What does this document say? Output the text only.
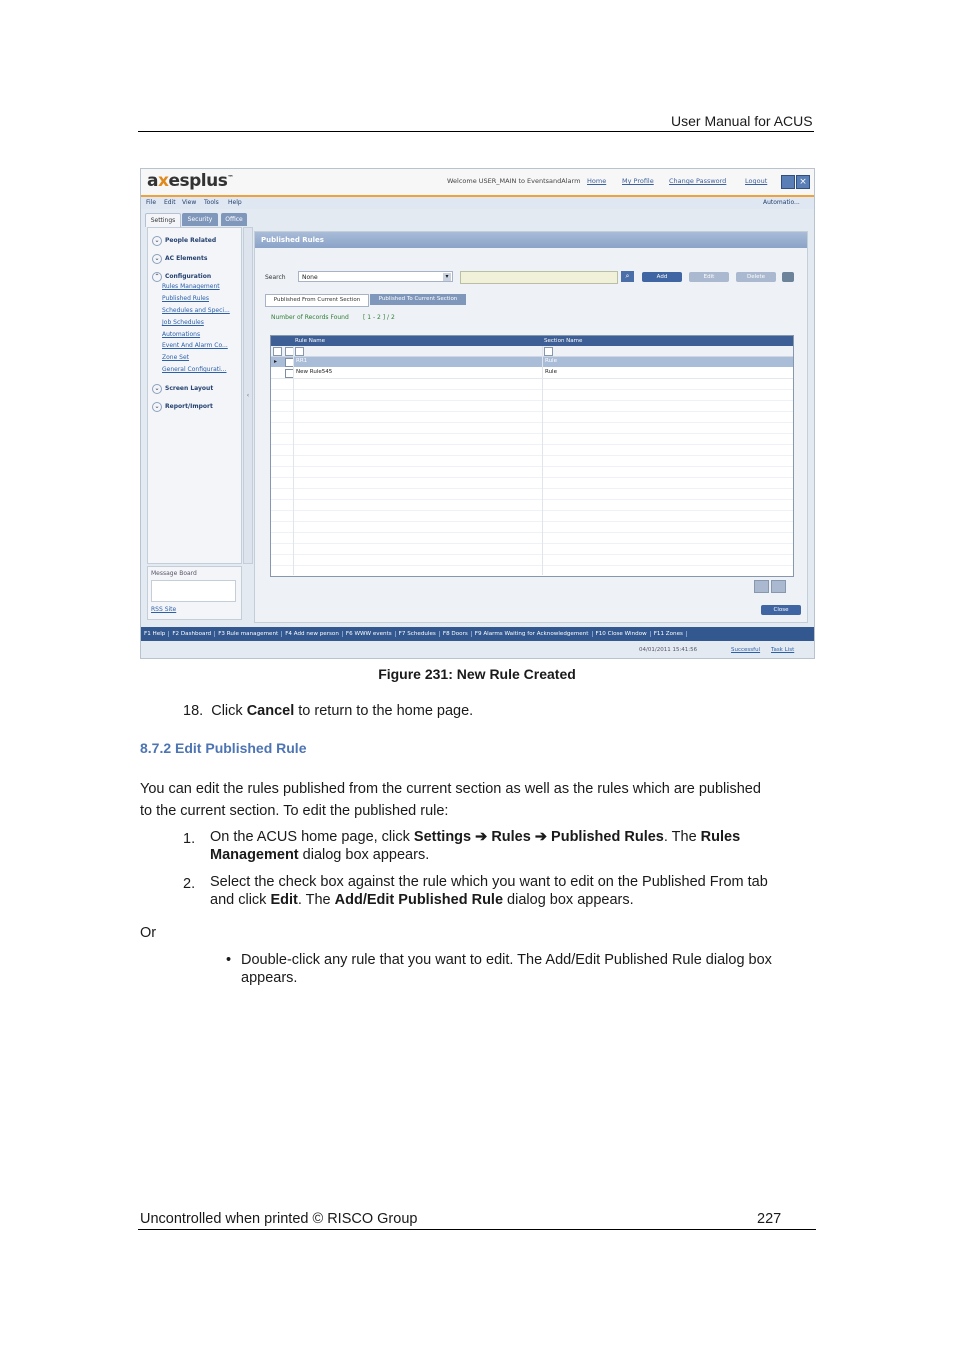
User Manual for ACUS
axesplus™	Welcome USER_MAIN to EventsandAlarm Home My Profile Change Password	Logout	×
File Edit View Tools Help	Automatio...
Settings	Security	Office
⌄ People Related
⌄ AC Elements
⌃ Configuration
Rules Management
Published Rules
Schedules and Speci...
Job Schedules
Automations
Event And Alarm Co...
Zone Set
General Configurati...
⌄ Screen Layout
⌄ Report/Import
‹
Message Board
RSS Site
Published Rules
Search	None	▾	⌕	Add	Edit	Delete
Published From Current Section	Published To Current Section
Number of Records Found [ 1 - 2 ] / 2
Rule Name	Section Name
▸	RR1	Rule
New Rule545	Rule
Close
F1 Help F2 Dashboard F3 Rule management F4 Add new person F6 WWW events F7 Schedules F8 Doors F9 Alarms Waiting for Acknowledgement F10 Close Window F11 Zones
04/01/2011 15:41:56	Successful Task List
Figure 231: New Rule Created
18. Click Cancel to return to the home page.
8.7.2 Edit Published Rule
You can edit the rules published from the current section as well as the rules which are published
to the current section. To edit the published rule:
1. On the ACUS home page, click Settings ➔ Rules ➔ Published Rules. The Rules
Management dialog box appears.
2. Select the check box against the rule which you want to edit on the Published From tab
and click Edit. The Add/Edit Published Rule dialog box appears.
Or
• Double-click any rule that you want to edit. The Add/Edit Published Rule dialog box
appears.
Uncontrolled when printed © RISCO Group	227
